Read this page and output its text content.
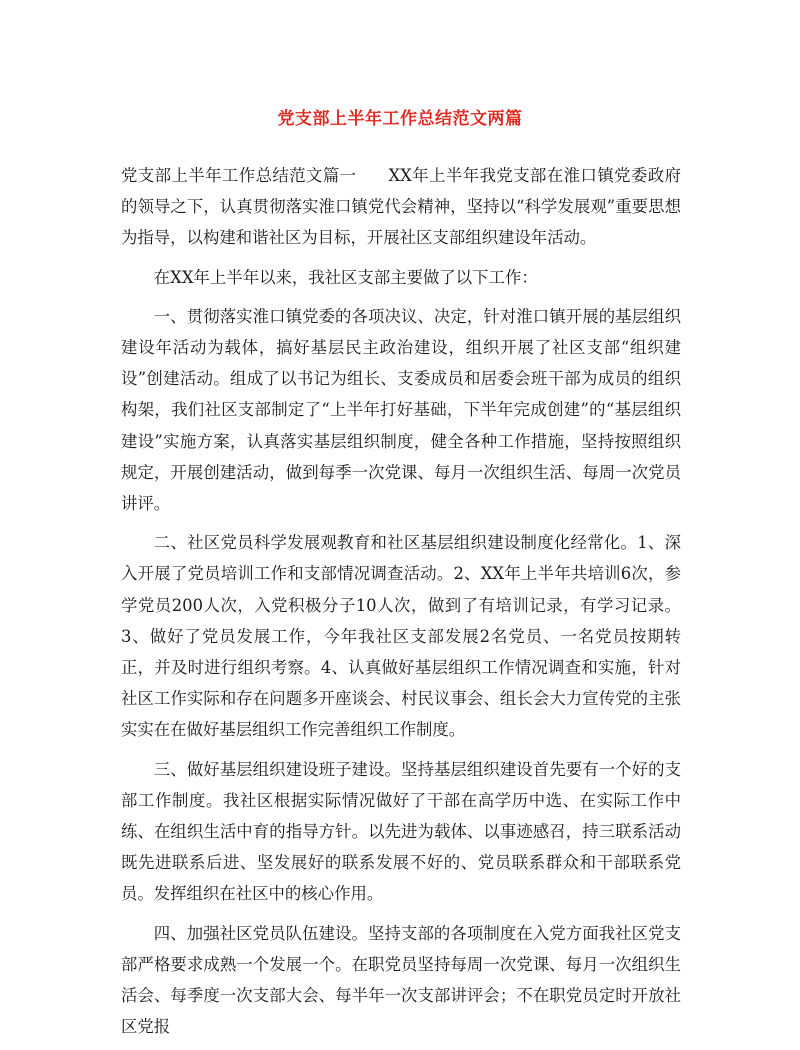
党支部上半年工作总结范文两篇

党支部上半年工作总结范文篇一 XX年上半年我党支部在淮口镇党委政府的领导之下，认真贯彻落实淮口镇党代会精神，坚持以“科学发展观”重要思想为指导，以构建和谐社区为目标，开展社区支部组织建设年活动。

在XX年上半年以来，我社区支部主要做了以下工作：

一、贯彻落实淮口镇党委的各项决议、决定，针对淮口镇开展的基层组织建设年活动为载体，搞好基层民主政治建设，组织开展了社区支部“组织建设”创建活动。组成了以书记为组长、支委成员和居委会班干部为成员的组织构架，我们社区支部制定了“上半年打好基础，下半年完成创建”的“基层组织建设”实施方案，认真落实基层组织制度，健全各种工作措施，坚持按照组织规定，开展创建活动，做到每季一次党课、每月一次组织生活、每周一次党员讲评。

二、社区党员科学发展观教育和社区基层组织建设制度化经常化。1、深入开展了党员培训工作和支部情况调查活动。2、XX年上半年共培训6次，参学党员200人次，入党积极分子10人次，做到了有培训记录，有学习记录。3、做好了党员发展工作，今年我社区支部发展2名党员、一名党员按期转正，并及时进行组织考察。4、认真做好基层组织工作情况调查和实施，针对社区工作实际和存在问题多开座谈会、村民议事会、组长会大力宣传党的主张实实在在做好基层组织工作完善组织工作制度。

三、做好基层组织建设班子建设。坚持基层组织建设首先要有一个好的支部工作制度。我社区根据实际情况做好了干部在高学历中选、在实际工作中练、在组织生活中育的指导方针。以先进为载体、以事迹感召，持三联系活动既先进联系后进、坚发展好的联系发展不好的、党员联系群众和干部联系党员。发挥组织在社区中的核心作用。

四、加强社区党员队伍建设。坚持支部的各项制度在入党方面我社区党支部严格要求成熟一个发展一个。在职党员坚持每周一次党课、每月一次组织生活会、每季度一次支部大会、每半年一次支部讲评会；不在职党员定时开放社区党报
